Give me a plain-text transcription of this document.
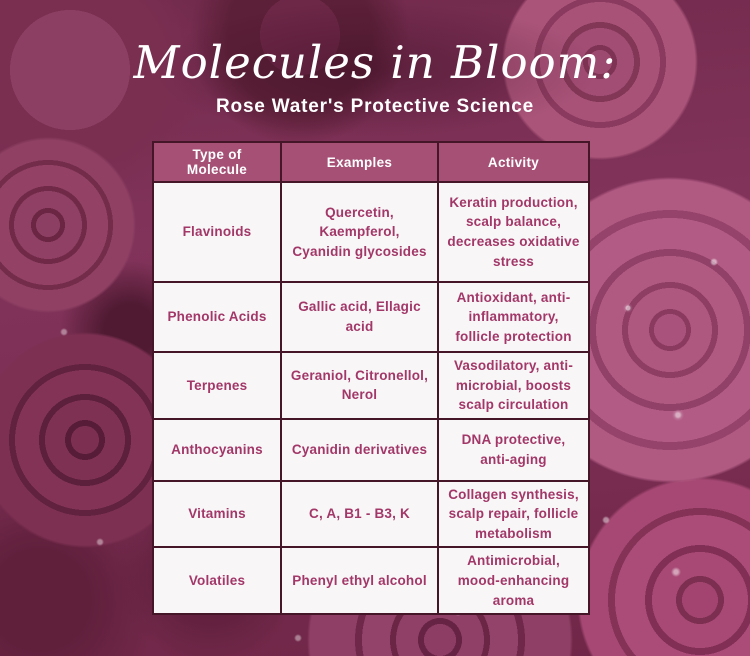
Molecules in Bloom:
Rose Water's Protective Science
Type of Molecule	Examples	Activity
Flavinoids	Quercetin, Kaempferol, Cyanidin glycosides	Keratin production, scalp balance, decreases oxidative stress
Phenolic Acids	Gallic acid, Ellagic acid	Antioxidant, anti-inflammatory, follicle protection
Terpenes	Geraniol, Citronellol, Nerol	Vasodilatory, anti-microbial, boosts scalp circulation
Anthocyanins	Cyanidin derivatives	DNA protective, anti-aging
Vitamins	C, A, B1 - B3, K	Collagen synthesis, scalp repair, follicle metabolism
Volatiles	Phenyl ethyl alcohol	Antimicrobial, mood-enhancing aroma
